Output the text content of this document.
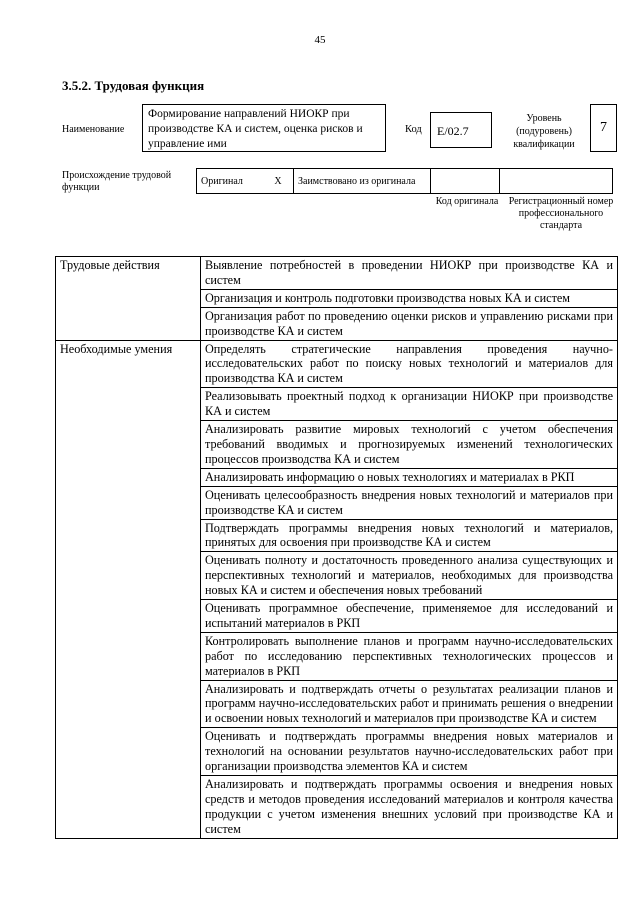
45
3.5.2. Трудовая функция
Наименование
Формирование направлений НИОКР при производстве КА и систем, оценка рисков и управление ими
Код	E/02.7
Уровень (подуровень) квалификации
7
Происхождение трудовой функции
Оригинал	X	Заимствовано из оригинала		
Код оригинала	Регистрационный номер профессионального стандарта
Трудовые действия	Выявление потребностей в проведении НИОКР при производстве КА и систем
	Организация и контроль подготовки производства новых КА и систем
	Организация работ по проведению оценки рисков и управлению рисками при производстве КА и систем
Необходимые умения	Определять стратегические направления проведения научно-исследовательских работ по поиску новых технологий и материалов для производства КА и систем
	Реализовывать проектный подход к организации НИОКР при производстве КА и систем
	Анализировать развитие мировых технологий с учетом обеспечения требований вводимых и прогнозируемых изменений технологических процессов производства КА и систем
	Анализировать информацию о новых технологиях и материалах в РКП
	Оценивать целесообразность внедрения новых технологий и материалов при производстве КА и систем
	Подтверждать программы внедрения новых технологий и материалов, принятых для освоения при производстве КА и систем
	Оценивать полноту и достаточность проведенного анализа существующих и перспективных технологий и материалов, необходимых для производства новых КА и систем и обеспечения новых требований
	Оценивать программное обеспечение, применяемое для исследований и испытаний материалов в РКП
	Контролировать выполнение планов и программ научно-исследовательских работ по исследованию перспективных технологических процессов и материалов в РКП
	Анализировать и подтверждать отчеты о результатах реализации планов и программ научно-исследовательских работ и принимать решения о внедрении и освоении новых технологий и материалов при производстве КА и систем
	Оценивать и подтверждать программы внедрения новых материалов и технологий на основании результатов научно-исследовательских работ при организации производства элементов КА и систем
	Анализировать и подтверждать программы освоения и внедрения новых средств и методов проведения исследований материалов и контроля качества продукции с учетом изменения внешних условий при производстве КА и систем
